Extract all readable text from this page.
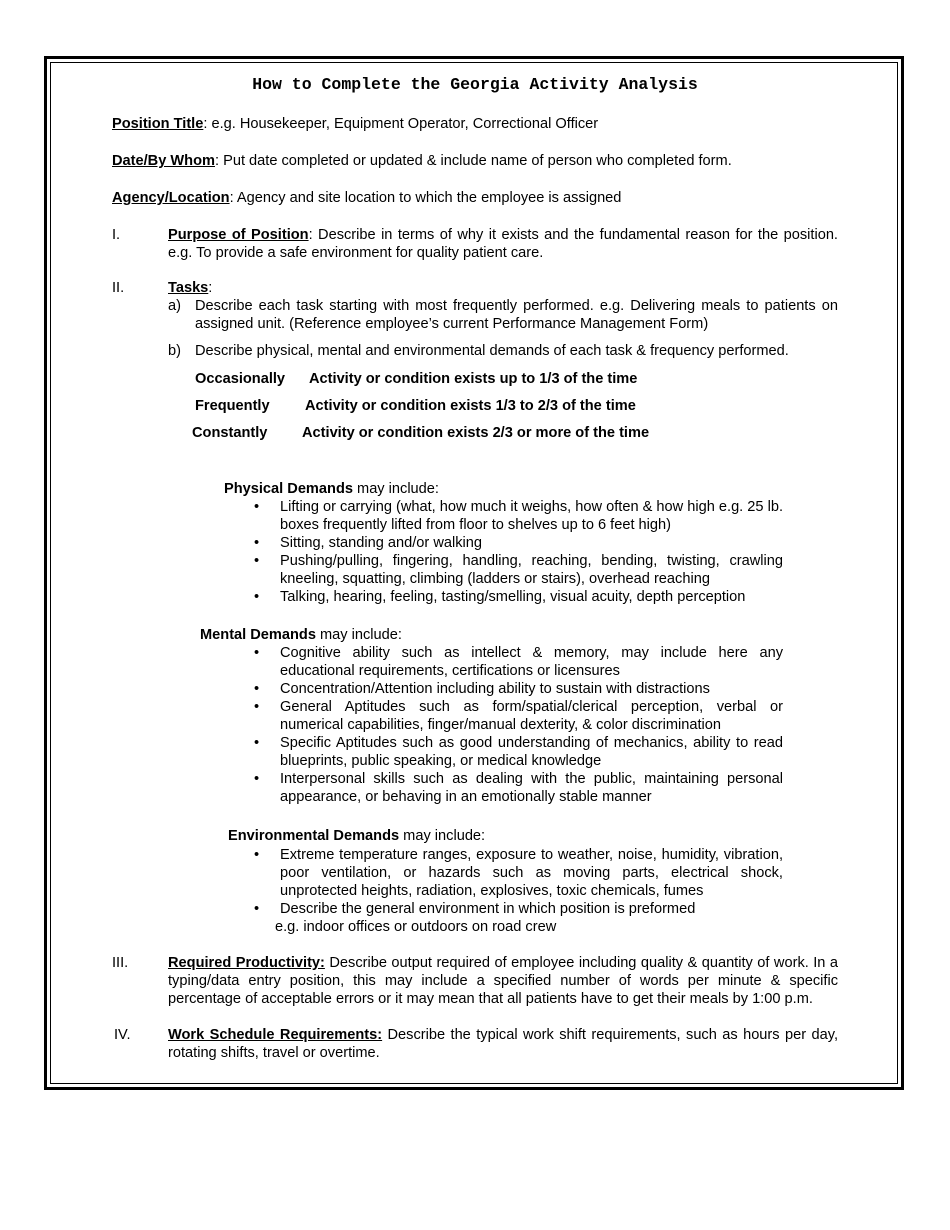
How to Complete the Georgia Activity Analysis
Position Title: e.g. Housekeeper, Equipment Operator, Correctional Officer
Date/By Whom: Put date completed or updated & include name of person who completed form.
Agency/Location: Agency and site location to which the employee is assigned
I.	Purpose of Position: Describe in terms of why it exists and the fundamental reason for the position. e.g. To provide a safe environment for quality patient care.
II.	Tasks:
a) Describe each task starting with most frequently performed. e.g. Delivering meals to patients on assigned unit. (Reference employee’s current Performance Management Form)
b) Describe physical, mental and environmental demands of each task & frequency performed.
Occasionally Activity or condition exists up to 1/3 of the time
Frequently Activity or condition exists 1/3 to 2/3 of the time
Constantly Activity or condition exists 2/3 or more of the time
Physical Demands may include:
• Lifting or carrying (what, how much it weighs, how often & how high e.g. 25 lb. boxes frequently lifted from floor to shelves up to 6 feet high)
• Sitting, standing and/or walking
• Pushing/pulling, fingering, handling, reaching, bending, twisting, crawling kneeling, squatting, climbing (ladders or stairs), overhead reaching
• Talking, hearing, feeling, tasting/smelling, visual acuity, depth perception
Mental Demands may include:
• Cognitive ability such as intellect & memory, may include here any educational requirements, certifications or licensures
• Concentration/Attention including ability to sustain with distractions
• General Aptitudes such as form/spatial/clerical perception, verbal or numerical capabilities, finger/manual dexterity, & color discrimination
• Specific Aptitudes such as good understanding of mechanics, ability to read blueprints, public speaking, or medical knowledge
• Interpersonal skills such as dealing with the public, maintaining personal appearance, or behaving in an emotionally stable manner
Environmental Demands may include:
• Extreme temperature ranges, exposure to weather, noise, humidity, vibration, poor ventilation, or hazards such as moving parts, electrical shock, unprotected heights, radiation, explosives, toxic chemicals, fumes
• Describe the general environment in which position is preformed
e.g. indoor offices or outdoors on road crew
III.	Required Productivity: Describe output required of employee including quality & quantity of work. In a typing/data entry position, this may include a specified number of words per minute & specific percentage of acceptable errors or it may mean that all patients have to get their meals by 1:00 p.m.
IV.	Work Schedule Requirements: Describe the typical work shift requirements, such as hours per day, rotating shifts, travel or overtime.
